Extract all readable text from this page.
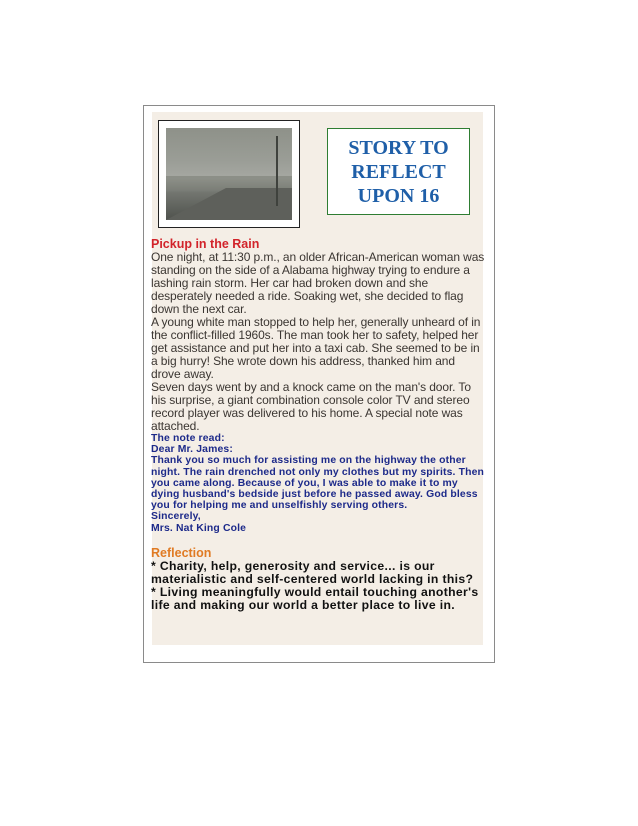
STORY TO REFLECT UPON 16

Pickup in the Rain

One night, at 11:30 p.m., an older African-American woman was standing on the side of a Alabama highway trying to endure a lashing rain storm. Her car had broken down and she desperately needed a ride. Soaking wet, she decided to flag down the next car.

A young white man stopped to help her, generally unheard of in the conflict-filled 1960s. The man took her to safety, helped her get assistance and put her into a taxi cab. She seemed to be in a big hurry! She wrote down his address, thanked him and drove away.

Seven days went by and a knock came on the man's door. To his surprise, a giant combination console color TV and stereo record player was delivered to his home. A special note was attached.

The note read:

Dear Mr. James:

Thank you so much for assisting me on the highway the other night. The rain drenched not only my clothes but my spirits. Then you came along. Because of you, I was able to make it to my dying husband's bedside just before he passed away. God bless you for helping me and unselfishly serving others.

Sincerely,

Mrs. Nat King Cole

Reflection

* Charity, help, generosity and service... is our materialistic and self-centered world lacking in this?

* Living meaningfully would entail touching another's life and making our world a better place to live in.
